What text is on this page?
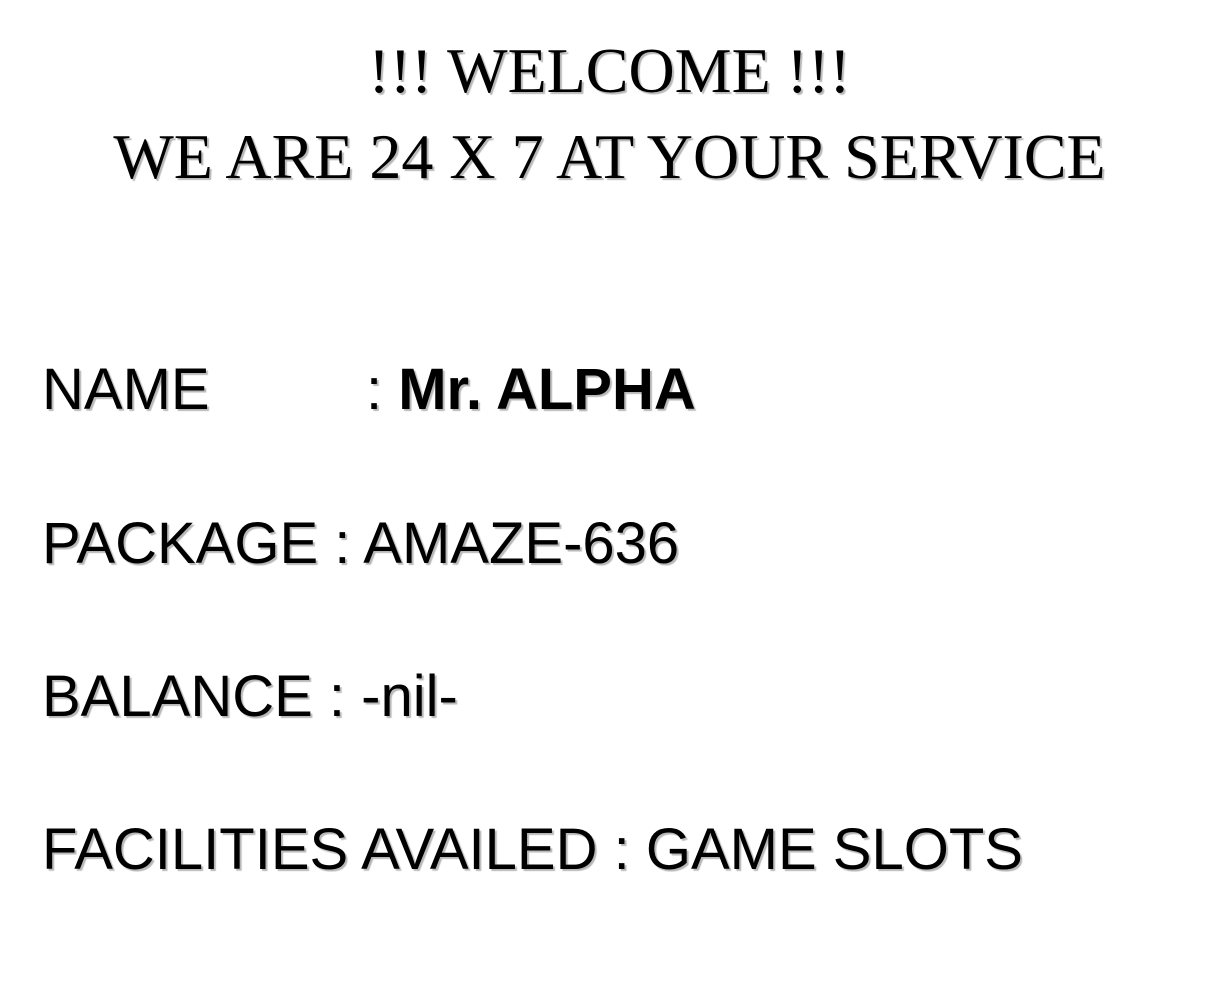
!!! WELCOME !!!
WE ARE 24 X 7 AT YOUR SERVICE
NAME	: Mr. ALPHA
PACKAGE : AMAZE-636
BALANCE : -nil-
FACILITIES AVAILED : GAME SLOTS
